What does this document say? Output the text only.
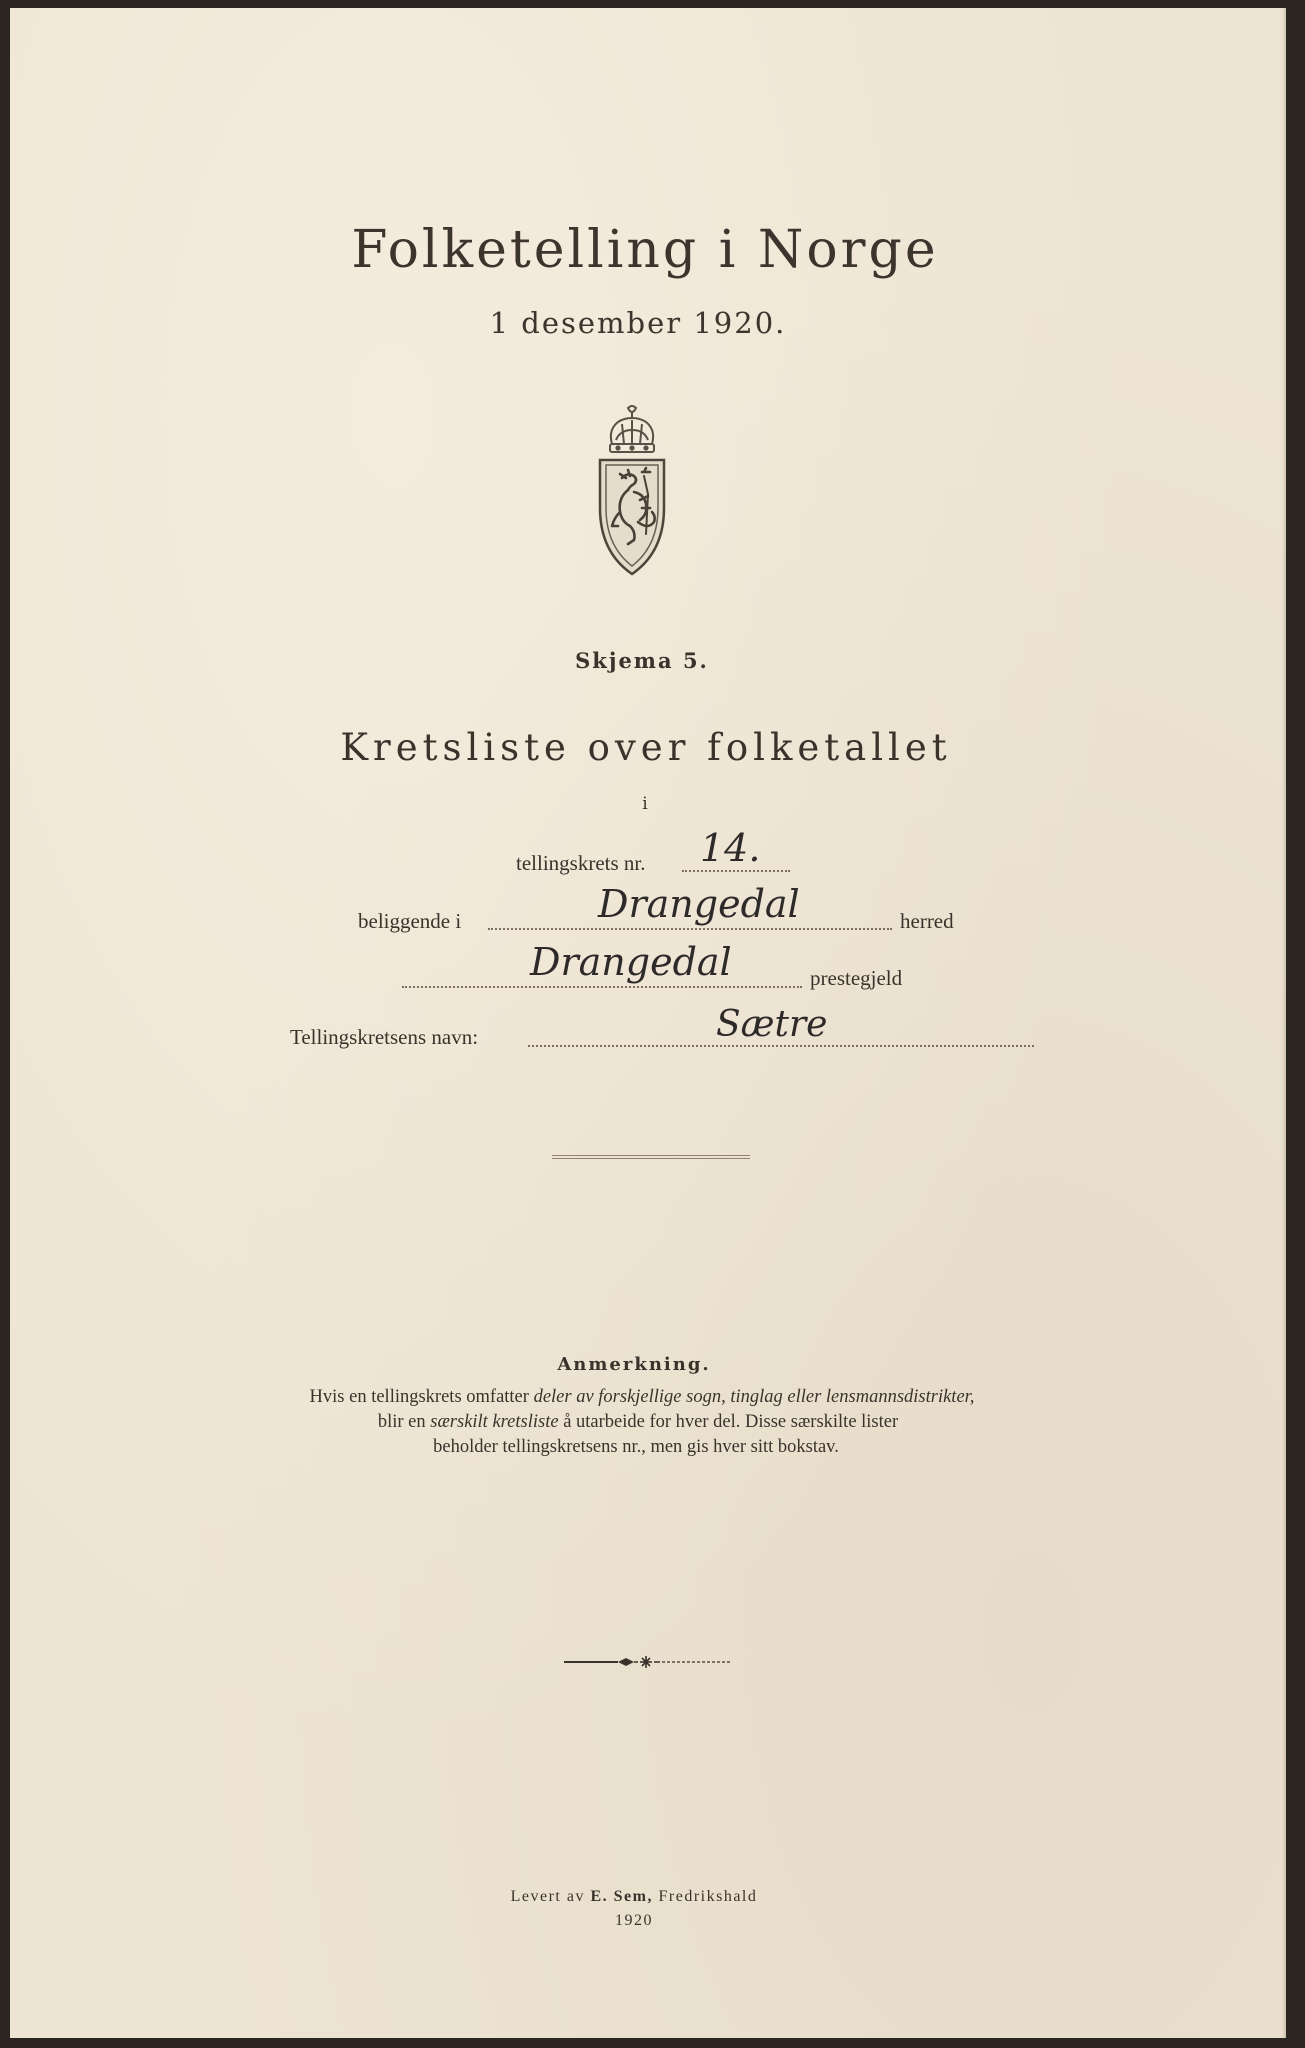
Folketelling i Norge
1 desember 1920.
Skjema 5.
Kretsliste over folketallet
i
tellingskrets nr. 14.
beliggende i	Drangedal	herred
Drangedal	prestegjeld
Tellingskretsens navn:	Sætre
Anmerkning.
Hvis en tellingskrets omfatter deler av forskjellige sogn, tinglag eller lensmannsdistrikter,
blir en særskilt kretsliste å utarbeide for hver del. Disse særskilte lister
beholder tellingskretsens nr., men gis hver sitt bokstav.
Levert av E. Sem, Fredrikshald
1920
